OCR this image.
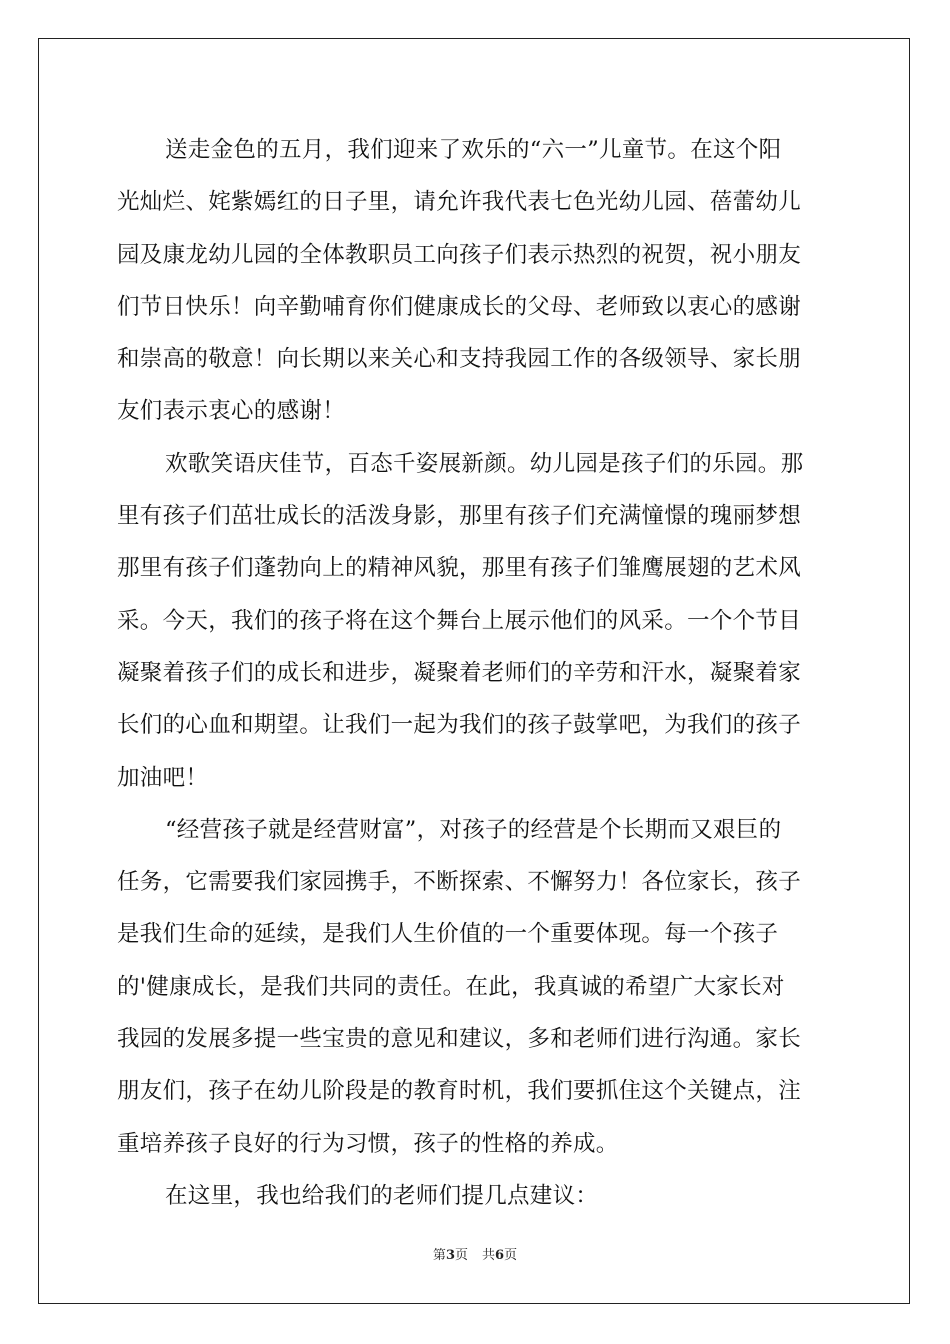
送走金色的五月，我们迎来了欢乐的“六一”儿童节。在这个阳
光灿烂、姹紫嫣红的日子里，请允许我代表七色光幼儿园、蓓蕾幼儿
园及康龙幼儿园的全体教职员工向孩子们表示热烈的祝贺，祝小朋友
们节日快乐！向辛勤哺育你们健康成长的父母、老师致以衷心的感谢
和崇高的敬意！向长期以来关心和支持我园工作的各级领导、家长朋
友们表示衷心的感谢！
欢歌笑语庆佳节，百态千姿展新颜。幼儿园是孩子们的乐园。那
里有孩子们茁壮成长的活泼身影，那里有孩子们充满憧憬的瑰丽梦想
那里有孩子们蓬勃向上的精神风貌，那里有孩子们雏鹰展翅的艺术风
采。今天，我们的孩子将在这个舞台上展示他们的风采。一个个节目
凝聚着孩子们的成长和进步，凝聚着老师们的辛劳和汗水，凝聚着家
长们的心血和期望。让我们一起为我们的孩子鼓掌吧，为我们的孩子
加油吧！
“经营孩子就是经营财富”，对孩子的经营是个长期而又艰巨的
任务，它需要我们家园携手，不断探索、不懈努力！各位家长，孩子
是我们生命的延续，是我们人生价值的一个重要体现。每一个孩子
的'健康成长，是我们共同的责任。在此，我真诚的希望广大家长对
我园的发展多提一些宝贵的意见和建议，多和老师们进行沟通。家长
朋友们，孩子在幼儿阶段是的教育时机，我们要抓住这个关键点，注
重培养孩子良好的行为习惯，孩子的性格的养成。
在这里，我也给我们的老师们提几点建议：
第3页 共6页
